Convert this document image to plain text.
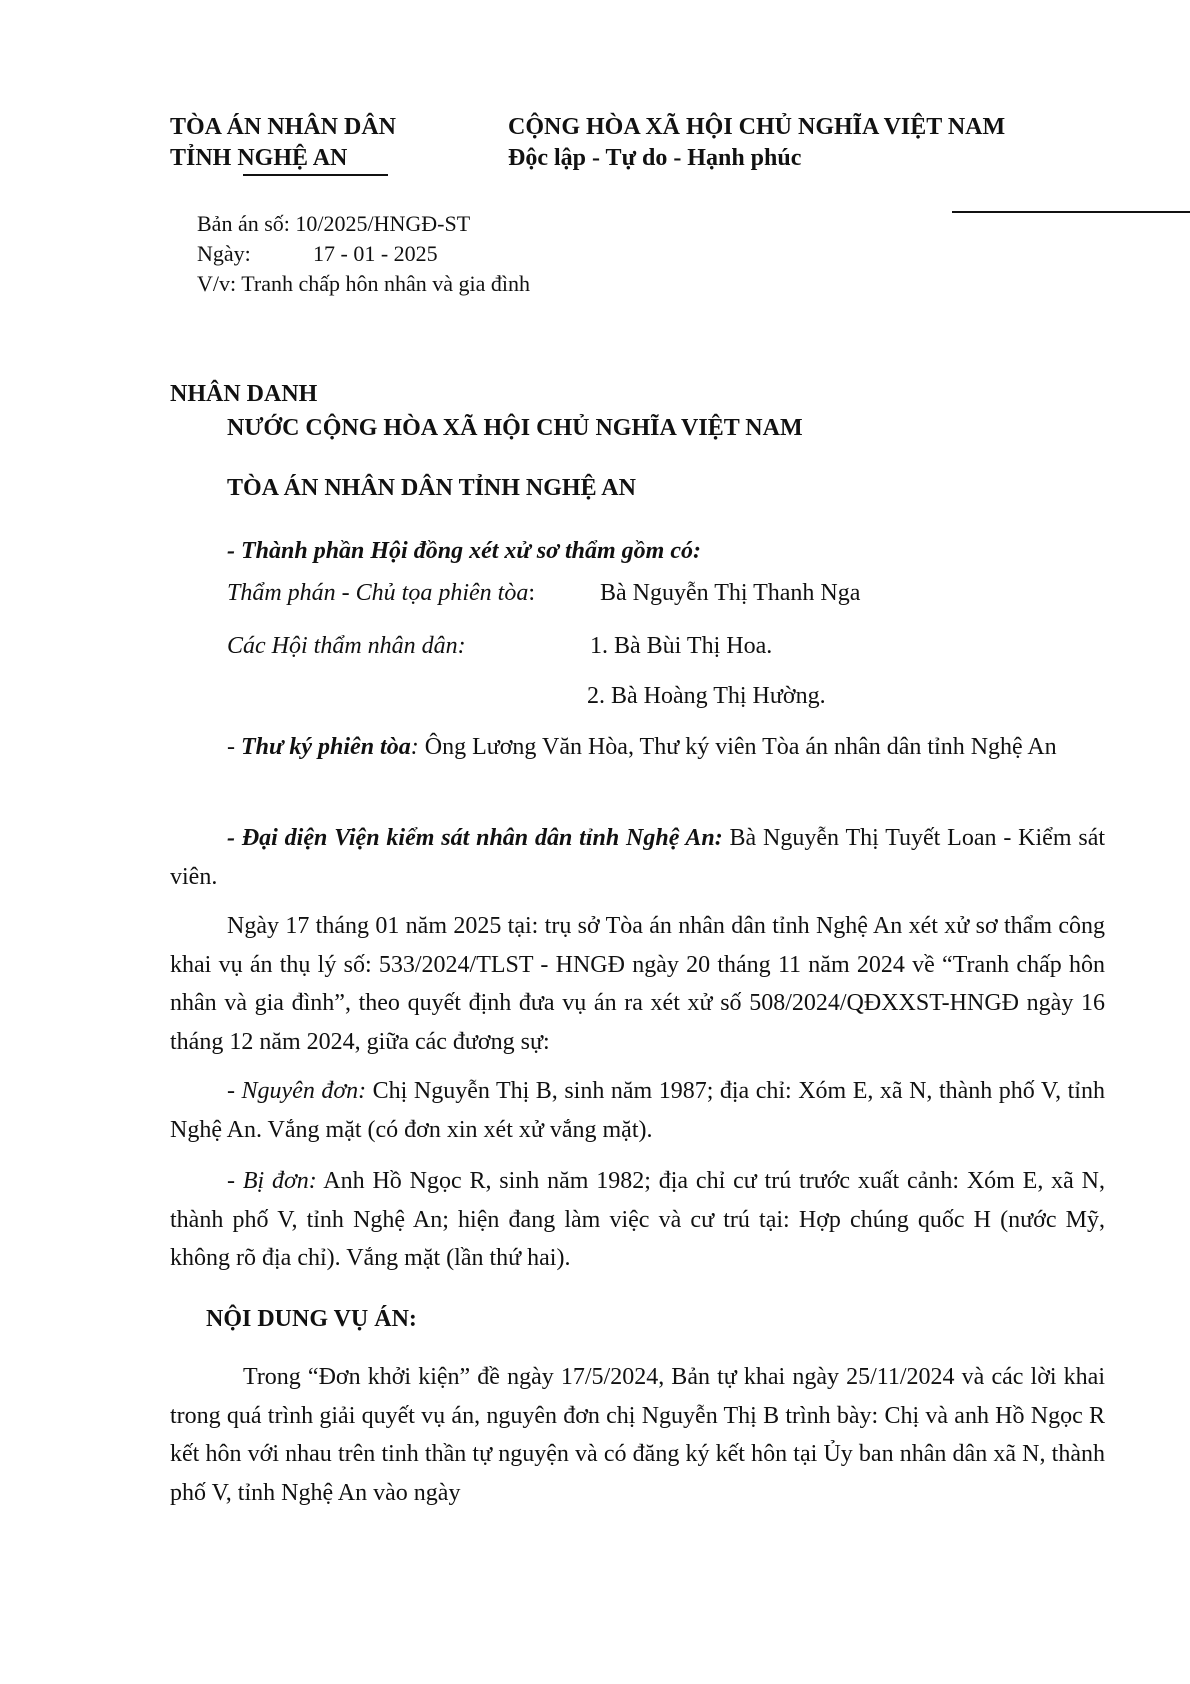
TÒA ÁN NHÂN DÂN
TỈNH NGHỆ AN
CỘNG HÒA XÃ HỘI CHỦ NGHĨA VIỆT NAM
Độc lập - Tự do - Hạnh phúc
Bản án số: 10/2025/HNGĐ-ST
Ngày:	17 - 01 - 2025
V/v: Tranh chấp hôn nhân và gia đình
NHÂN DANH
NƯỚC CỘNG HÒA XÃ HỘI CHỦ NGHĨA VIỆT NAM
TÒA ÁN NHÂN DÂN TỈNH NGHỆ AN
- Thành phần Hội đồng xét xử sơ thẩm gồm có:
Thẩm phán - Chủ tọa phiên tòa:	Bà Nguyễn Thị Thanh Nga
Các Hội thẩm nhân dân:	1. Bà Bùi Thị Hoa.
2. Bà Hoàng Thị Hường.
- Thư ký phiên tòa: Ông Lương Văn Hòa, Thư ký viên Tòa án nhân dân tỉnh Nghệ An
- Đại diện Viện kiểm sát nhân dân tỉnh Nghệ An: Bà Nguyễn Thị Tuyết Loan - Kiểm sát viên.
Ngày 17 tháng 01 năm 2025 tại: trụ sở Tòa án nhân dân tỉnh Nghệ An xét xử sơ thẩm công khai vụ án thụ lý số: 533/2024/TLST - HNGĐ ngày 20 tháng 11 năm 2024 về “Tranh chấp hôn nhân và gia đình”, theo quyết định đưa vụ án ra xét xử số 508/2024/QĐXXST-HNGĐ ngày 16 tháng 12 năm 2024, giữa các đương sự:
- Nguyên đơn: Chị Nguyễn Thị B, sinh năm 1987; địa chỉ: Xóm E, xã N, thành phố V, tỉnh Nghệ An. Vắng mặt (có đơn xin xét xử vắng mặt).
- Bị đơn: Anh Hồ Ngọc R, sinh năm 1982; địa chỉ cư trú trước xuất cảnh: Xóm E, xã N, thành phố V, tỉnh Nghệ An; hiện đang làm việc và cư trú tại: Hợp chúng quốc H (nước Mỹ, không rõ địa chỉ). Vắng mặt (lần thứ hai).
NỘI DUNG VỤ ÁN:
Trong “Đơn khởi kiện” đề ngày 17/5/2024, Bản tự khai ngày 25/11/2024 và các lời khai trong quá trình giải quyết vụ án, nguyên đơn chị Nguyễn Thị B trình bày: Chị và anh Hồ Ngọc R kết hôn với nhau trên tinh thần tự nguyện và có đăng ký kết hôn tại Ủy ban nhân dân xã N, thành phố V, tỉnh Nghệ An vào ngày
